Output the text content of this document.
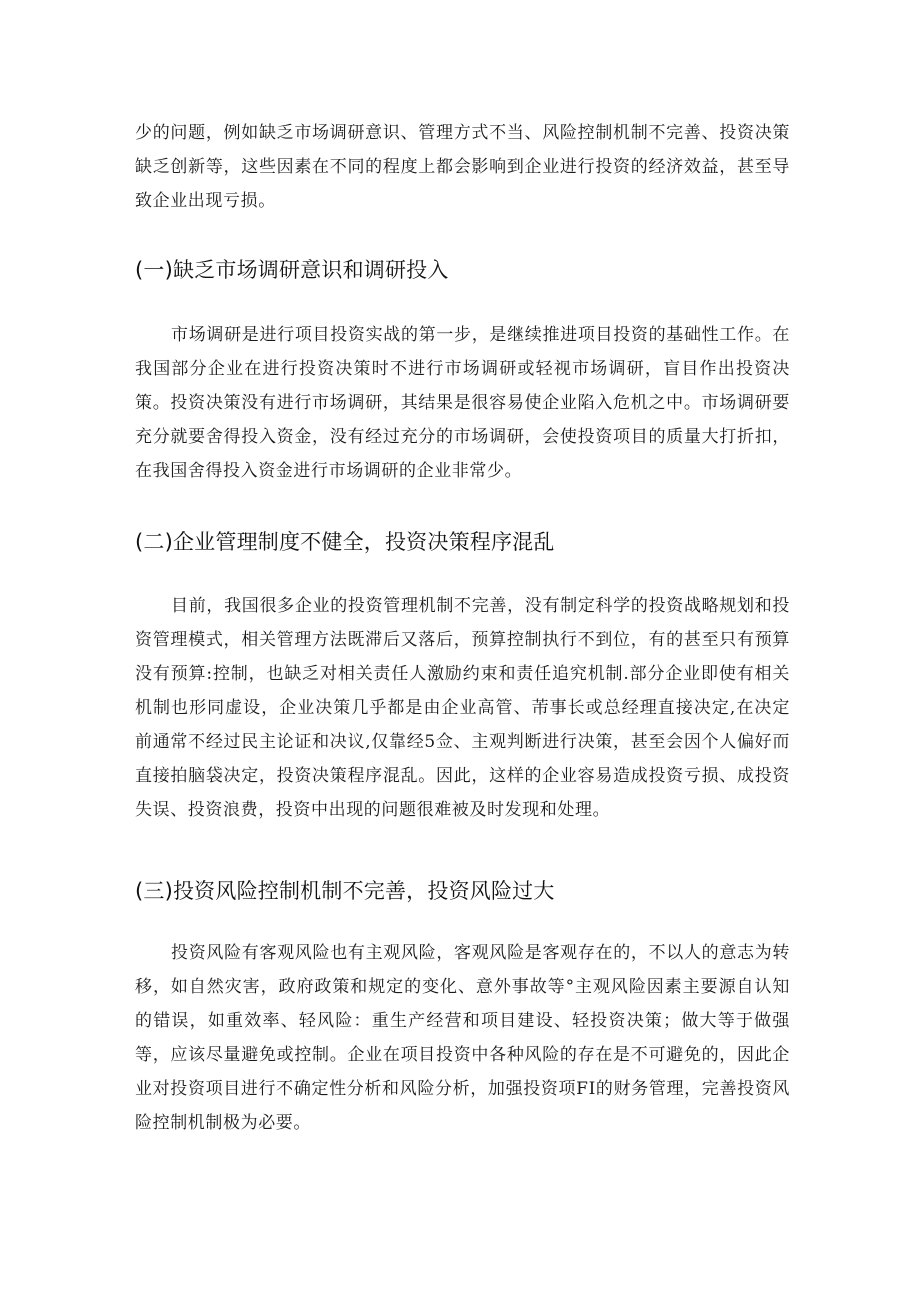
少的问题，例如缺乏市场调研意识、管理方式不当、风险控制机制不完善、投资决策缺乏创新等，这些因素在不同的程度上都会影响到企业进行投资的经济效益，甚至导致企业出现亏损。

(一)缺乏市场调研意识和调研投入

市场调研是进行项目投资实战的第一步，是继续推进项目投资的基础性工作。在我国部分企业在进行投资决策时不进行市场调研或轻视市场调研，盲目作出投资决策。投资决策没有进行市场调研，其结果是很容易使企业陷入危机之中。市场调研要充分就要舍得投入资金，没有经过充分的市场调研，会使投资项目的质量大打折扣，在我国舍得投入资金进行市场调研的企业非常少。

(二)企业管理制度不健全，投资决策程序混乱

目前，我国很多企业的投资管理机制不完善，没有制定科学的投资战略规划和投资管理模式，相关管理方法既滞后又落后，预算控制执行不到位，有的甚至只有预算没有预算:控制，也缺乏对相关责任人激励约束和责任追究机制.部分企业即使有相关机制也形同虚设，企业决策几乎都是由企业高管、芾事长或总经理直接决定,在决定前通常不经过民主论证和决议,仅靠经5佥、主观判断进行决策，甚至会因个人偏好而直接拍脑袋决定，投资决策程序混乱。因此，这样的企业容易造成投资亏损、成投资失误、投资浪费，投资中出现的问题很难被及时发现和处理。

(三)投资风险控制机制不完善，投资风险过大

投资风险有客观风险也有主观风险，客观风险是客观存在的，不以人的意志为转移，如自然灾害，政府政策和规定的变化、意外事故等°主观风险因素主要源自认知的错误，如重效率、轻风险：重生产经营和项目建设、轻投资决策；做大等于做强等，应该尽量避免或控制。企业在项目投资中各种风险的存在是不可避免的，因此企业对投资项目进行不确定性分析和风险分析，加强投资项FI的财务管理，完善投资风险控制机制极为必要。
